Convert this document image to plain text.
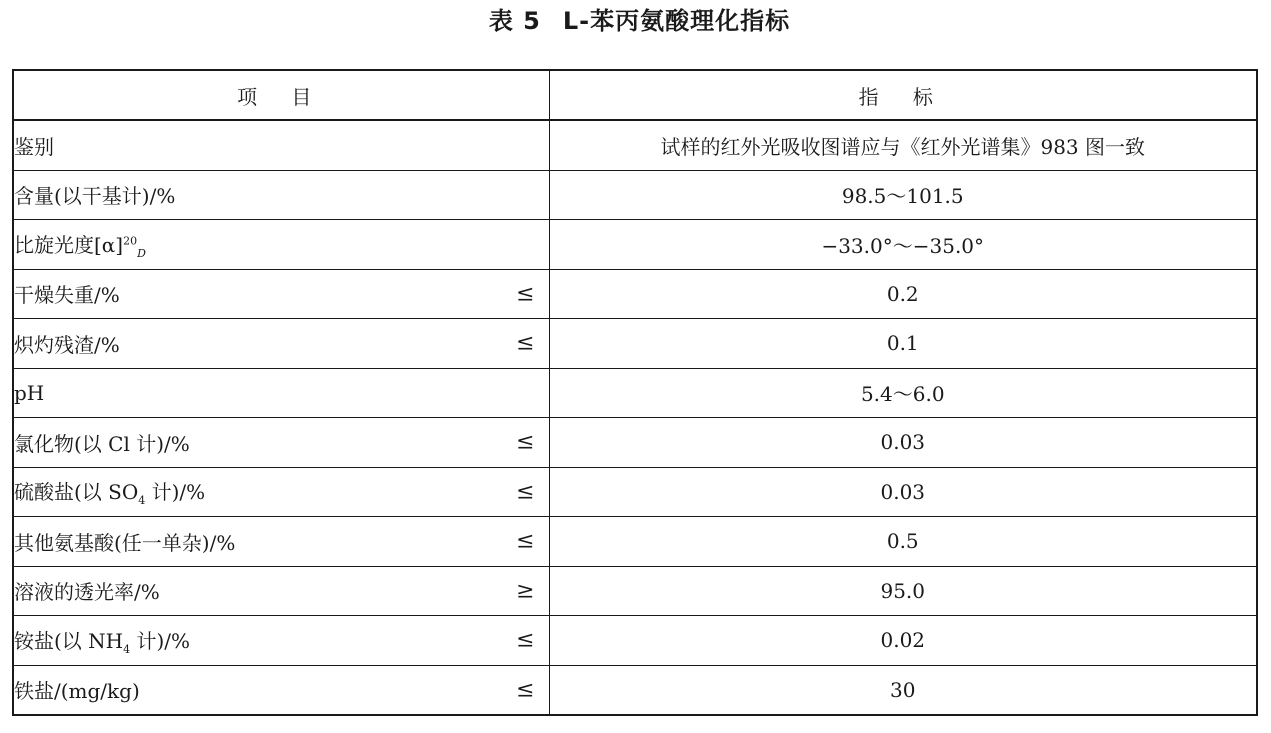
表 5 L-苯丙氨酸理化指标
项 目	指 标
鉴别	试样的红外光吸收图谱应与《红外光谱集》983 图一致
含量(以干基计)/%	98.5～101.5
比旋光度$[\alpha]^{20}_D$	−33.0°～−35.0°
干燥失重/% ≤	0.2
炽灼残渣/% ≤	0.1
pH	5.4～6.0
氯化物(以 Cl 计)/% ≤	0.03
硫酸盐(以 $SO_4$ 计)/% ≤	0.03
其他氨基酸(任一单杂)/% ≤	0.5
溶液的透光率/% ≥	95.0
铵盐(以 $NH_4$ 计)/% ≤	0.02
铁盐/(mg/kg) ≤	30
